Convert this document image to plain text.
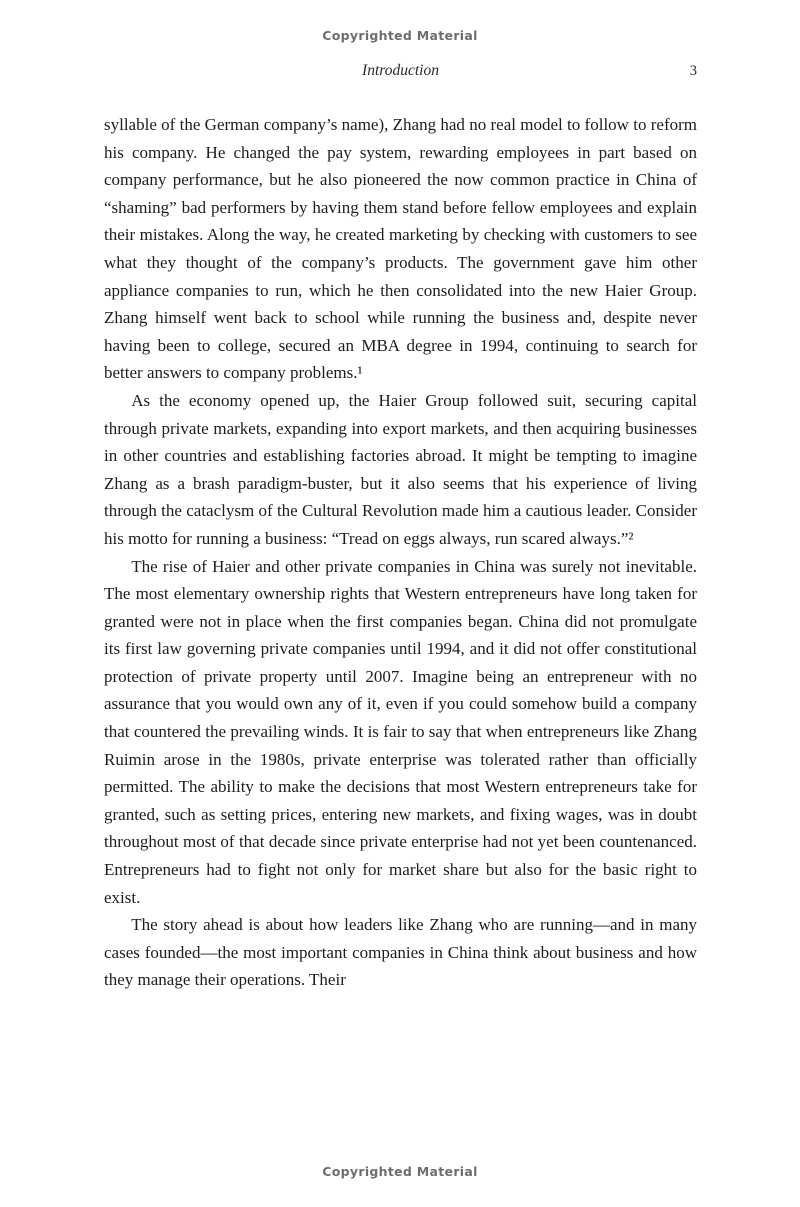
Copyrighted Material
Introduction	3

syllable of the German company’s name), Zhang had no real model to follow to reform his company. He changed the pay system, rewarding employees in part based on company performance, but he also pioneered the now common practice in China of “shaming” bad performers by having them stand before fellow employees and explain their mistakes. Along the way, he created marketing by checking with customers to see what they thought of the company’s products. The government gave him other appliance companies to run, which he then consolidated into the new Haier Group. Zhang himself went back to school while running the business and, despite never having been to college, secured an MBA degree in 1994, continuing to search for better answers to company problems.¹

As the economy opened up, the Haier Group followed suit, securing capital through private markets, expanding into export markets, and then acquiring businesses in other countries and establishing factories abroad. It might be tempting to imagine Zhang as a brash paradigm-buster, but it also seems that his experience of living through the cataclysm of the Cultural Revolution made him a cautious leader. Consider his motto for running a business: “Tread on eggs always, run scared always.”²

The rise of Haier and other private companies in China was surely not inevitable. The most elementary ownership rights that Western entrepreneurs have long taken for granted were not in place when the first companies began. China did not promulgate its first law governing private companies until 1994, and it did not offer constitutional protection of private property until 2007. Imagine being an entrepreneur with no assurance that you would own any of it, even if you could somehow build a company that countered the prevailing winds. It is fair to say that when entrepreneurs like Zhang Ruimin arose in the 1980s, private enterprise was tolerated rather than officially permitted. The ability to make the decisions that most Western entrepreneurs take for granted, such as setting prices, entering new markets, and fixing wages, was in doubt throughout most of that decade since private enterprise had not yet been countenanced. Entrepreneurs had to fight not only for market share but also for the basic right to exist.

The story ahead is about how leaders like Zhang who are running—and in many cases founded—the most important companies in China think about business and how they manage their operations. Their

Copyrighted Material
